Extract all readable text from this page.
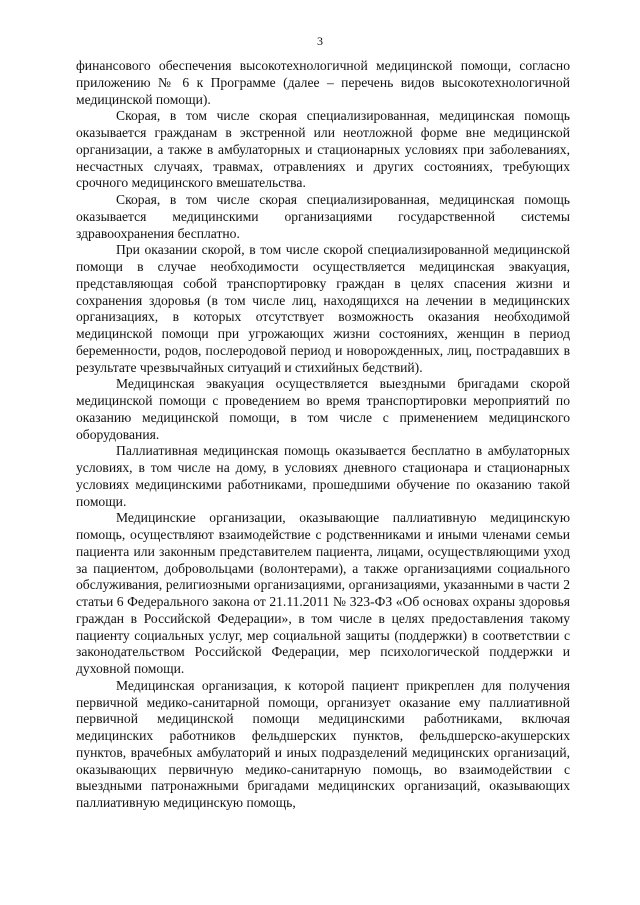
3

финансового обеспечения высокотехнологичной медицинской помощи, согласно приложению № 6 к Программе (далее – перечень видов высокотехнологичной медицинской помощи).

Скорая, в том числе скорая специализированная, медицинская помощь оказывается гражданам в экстренной или неотложной форме вне медицинской организации, а также в амбулаторных и стационарных условиях при заболеваниях, несчастных случаях, травмах, отравлениях и других состояниях, требующих срочного медицинского вмешательства.

Скорая, в том числе скорая специализированная, медицинская помощь оказывается медицинскими организациями государственной системы здравоохранения бесплатно.

При оказании скорой, в том числе скорой специализированной медицинской помощи в случае необходимости осуществляется медицинская эвакуация, представляющая собой транспортировку граждан в целях спасения жизни и сохранения здоровья (в том числе лиц, находящихся на лечении в медицинских организациях, в которых отсутствует возможность оказания необходимой медицинской помощи при угрожающих жизни состояниях, женщин в период беременности, родов, послеродовой период и новорожденных, лиц, пострадавших в результате чрезвычайных ситуаций и стихийных бедствий).

Медицинская эвакуация осуществляется выездными бригадами скорой медицинской помощи с проведением во время транспортировки мероприятий по оказанию медицинской помощи, в том числе с применением медицинского оборудования.

Паллиативная медицинская помощь оказывается бесплатно в амбулаторных условиях, в том числе на дому, в условиях дневного стационара и стационарных условиях медицинскими работниками, прошедшими обучение по оказанию такой помощи.

Медицинские организации, оказывающие паллиативную медицинскую помощь, осуществляют взаимодействие с родственниками и иными членами семьи пациента или законным представителем пациента, лицами, осуществляющими уход за пациентом, добровольцами (волонтерами), а также организациями социального обслуживания, религиозными организациями, организациями, указанными в части 2 статьи 6 Федерального закона от 21.11.2011 № 323-ФЗ «Об основах охраны здоровья граждан в Российской Федерации», в том числе в целях предоставления такому пациенту социальных услуг, мер социальной защиты (поддержки) в соответствии с законодательством Российской Федерации, мер психологической поддержки и духовной помощи.

Медицинская организация, к которой пациент прикреплен для получения первичной медико-санитарной помощи, организует оказание ему паллиативной первичной медицинской помощи медицинскими работниками, включая медицинских работников фельдшерских пунктов, фельдшерско-акушерских пунктов, врачебных амбулаторий и иных подразделений медицинских организаций, оказывающих первичную медико-санитарную помощь, во взаимодействии с выездными патронажными бригадами медицинских организаций, оказывающих паллиативную медицинскую помощь,
